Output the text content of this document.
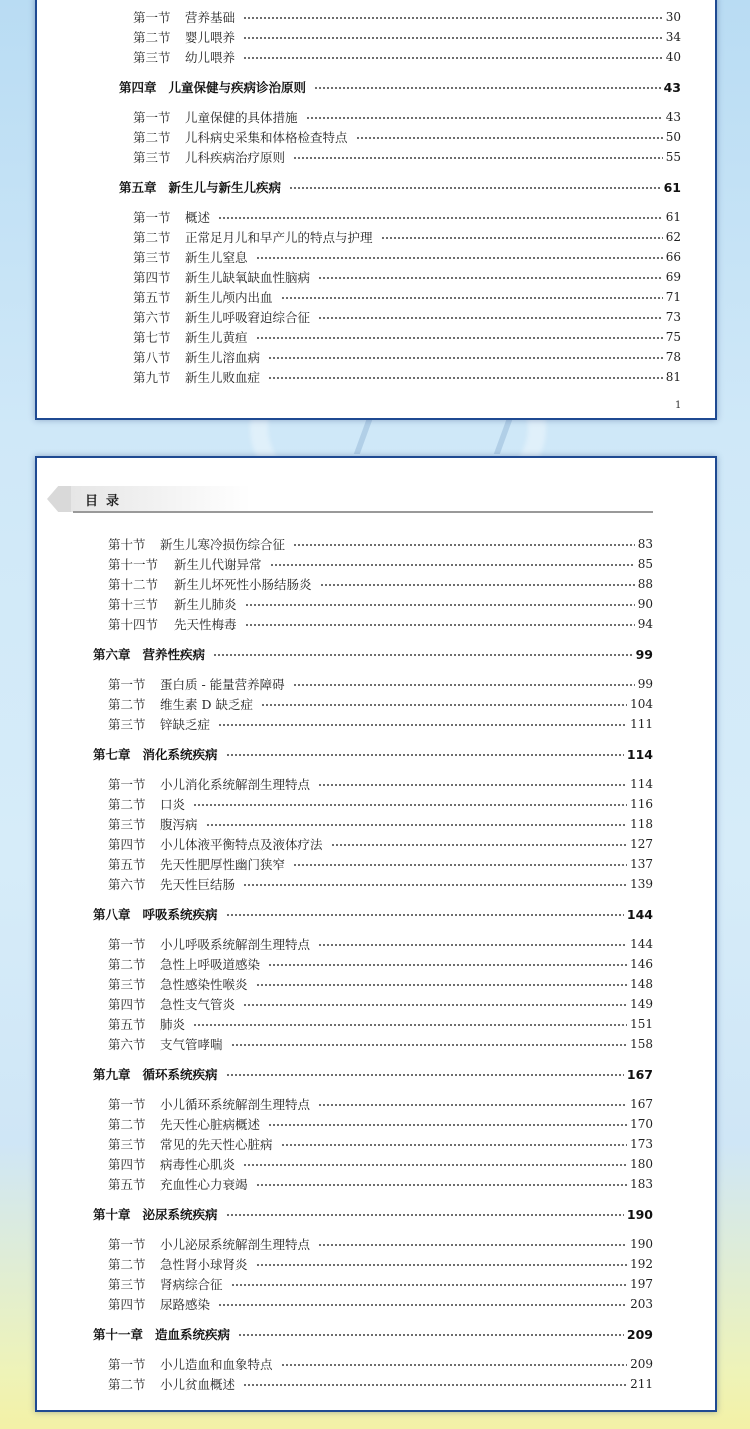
第一节	营养基础	30
第二节	婴儿喂养	34
第三节	幼儿喂养	40
第四章 儿童保健与疾病诊治原则	43
第一节	儿童保健的具体措施	43
第二节	儿科病史采集和体格检查特点	50
第三节	儿科疾病治疗原则	55
第五章 新生儿与新生儿疾病	61
第一节	概述	61
第二节	正常足月儿和早产儿的特点与护理	62
第三节	新生儿窒息	66
第四节	新生儿缺氧缺血性脑病	69
第五节	新生儿颅内出血	71
第六节	新生儿呼吸窘迫综合征	73
第七节	新生儿黄疸	75
第八节	新生儿溶血病	78
第九节	新生儿败血症	81
1
目录
第十节	新生儿寒冷损伤综合征	83
第十一节	新生儿代谢异常	85
第十二节	新生儿坏死性小肠结肠炎	88
第十三节	新生儿肺炎	90
第十四节	先天性梅毒	94
第六章 营养性疾病	99
第一节	蛋白质 - 能量营养障碍	99
第二节	维生素 D 缺乏症	104
第三节	锌缺乏症	111
第七章 消化系统疾病	114
第一节	小儿消化系统解剖生理特点	114
第二节	口炎	116
第三节	腹泻病	118
第四节	小儿体液平衡特点及液体疗法	127
第五节	先天性肥厚性幽门狭窄	137
第六节	先天性巨结肠	139
第八章 呼吸系统疾病	144
第一节	小儿呼吸系统解剖生理特点	144
第二节	急性上呼吸道感染	146
第三节	急性感染性喉炎	148
第四节	急性支气管炎	149
第五节	肺炎	151
第六节	支气管哮喘	158
第九章 循环系统疾病	167
第一节	小儿循环系统解剖生理特点	167
第二节	先天性心脏病概述	170
第三节	常见的先天性心脏病	173
第四节	病毒性心肌炎	180
第五节	充血性心力衰竭	183
第十章 泌尿系统疾病	190
第一节	小儿泌尿系统解剖生理特点	190
第二节	急性肾小球肾炎	192
第三节	肾病综合征	197
第四节	尿路感染	203
第十一章 造血系统疾病	209
第一节	小儿造血和血象特点	209
第二节	小儿贫血概述	211
